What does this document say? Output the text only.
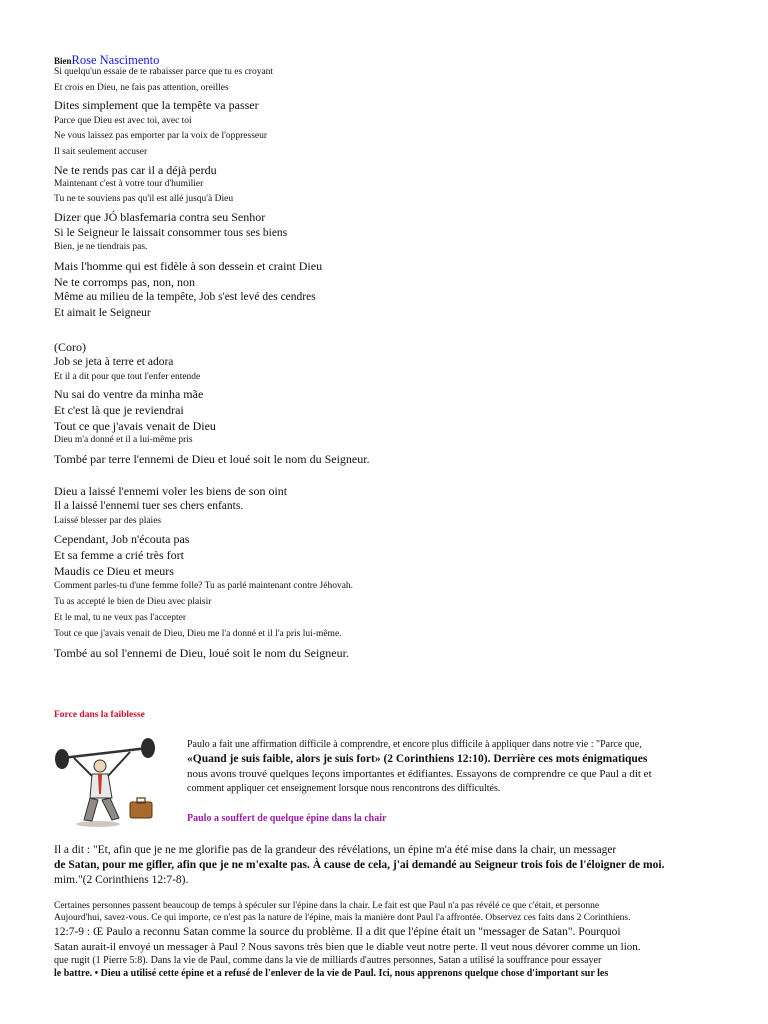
BienRose Nascimento
Si quelqu'un essaie de te rabaisser parce que tu es croyant
Et crois en Dieu, ne fais pas attention, oreilles
Dites simplement que la tempête va passer
Parce que Dieu est avec toi, avec toi
Ne vous laissez pas emporter par la voix de l'oppresseur
Il sait seulement accuser
Ne te rends pas car il a déjà perdu
Maintenant c'est à votre tour d'humilier
Tu ne te souviens pas qu'il est allé jusqu'à Dieu
Dizer que JÓ blasfemaria contra seu Senhor
Si le Seigneur le laissait consommer tous ses biens
Bien, je ne tiendrais pas.
Mais l'homme qui est fidèle à son dessein et craint Dieu
Ne te corromps pas, non, non
Même au milieu de la tempête, Job s'est levé des cendres
Et aimait le Seigneur
(Coro)
Job se jeta à terre et adora
Et il a dit pour que tout l'enfer entende
Nu sai do ventre da minha mãe
Et c'est là que je reviendrai
Tout ce que j'avais venait de Dieu
Dieu m'a donné et il a lui-même pris
Tombé par terre l'ennemi de Dieu et loué soit le nom du Seigneur.
Dieu a laissé l'ennemi voler les biens de son oint
Il a laissé l'ennemi tuer ses chers enfants.
Laissé blesser par des plaies
Cependant, Job n'écouta pas
Et sa femme a crié très fort
Maudis ce Dieu et meurs
Comment parles-tu d'une femme folle? Tu as parlé maintenant contre Jéhovah.
Tu as accepté le bien de Dieu avec plaisir
Et le mal, tu ne veux pas l'accepter
Tout ce que j'avais venait de Dieu, Dieu me l'a donné et il l'a pris lui-même.
Tombé au sol l'ennemi de Dieu, loué soit le nom du Seigneur.
Force dans la faiblesse
Paulo a fait une affirmation difficile à comprendre, et encore plus difficile à appliquer dans notre vie : "Parce que,
«Quand je suis faible, alors je suis fort» (2 Corinthiens 12:10). Derrière ces mots énigmatiques
nous avons trouvé quelques leçons importantes et édifiantes. Essayons de comprendre ce que Paul a dit et
comment appliquer cet enseignement lorsque nous rencontrons des difficultés.
Paulo a souffert de quelque épine dans la chair
Il a dit : "Et, afin que je ne me glorifie pas de la grandeur des révélations, un épine m'a été mise dans la chair, un messager
de Satan, pour me gifler, afin que je ne m'exalte pas. À cause de cela, j'ai demandé au Seigneur trois fois de l'éloigner de moi.
mim."(2 Corinthiens 12:7-8).
Certaines personnes passent beaucoup de temps à spéculer sur l'épine dans la chair. Le fait est que Paul n'a pas révélé ce que c'était, et personne
Aujourd'hui, savez-vous. Ce qui importe, ce n'est pas la nature de l'épine, mais la manière dont Paul l'a affrontée. Observez ces faits dans 2 Corinthiens.
12:7-9 : Œ Paulo a reconnu Satan comme la source du problème. Il a dit que l'épine était un "messager de Satan". Pourquoi
Satan aurait-il envoyé un messager à Paul ? Nous savons très bien que le diable veut notre perte. Il veut nous dévorer comme un lion.
que rugit (1 Pierre 5:8). Dans la vie de Paul, comme dans la vie de milliards d'autres personnes, Satan a utilisé la souffrance pour essayer
le battre. • Dieu a utilisé cette épine et a refusé de l'enlever de la vie de Paul. Ici, nous apprenons quelque chose d'important sur les
